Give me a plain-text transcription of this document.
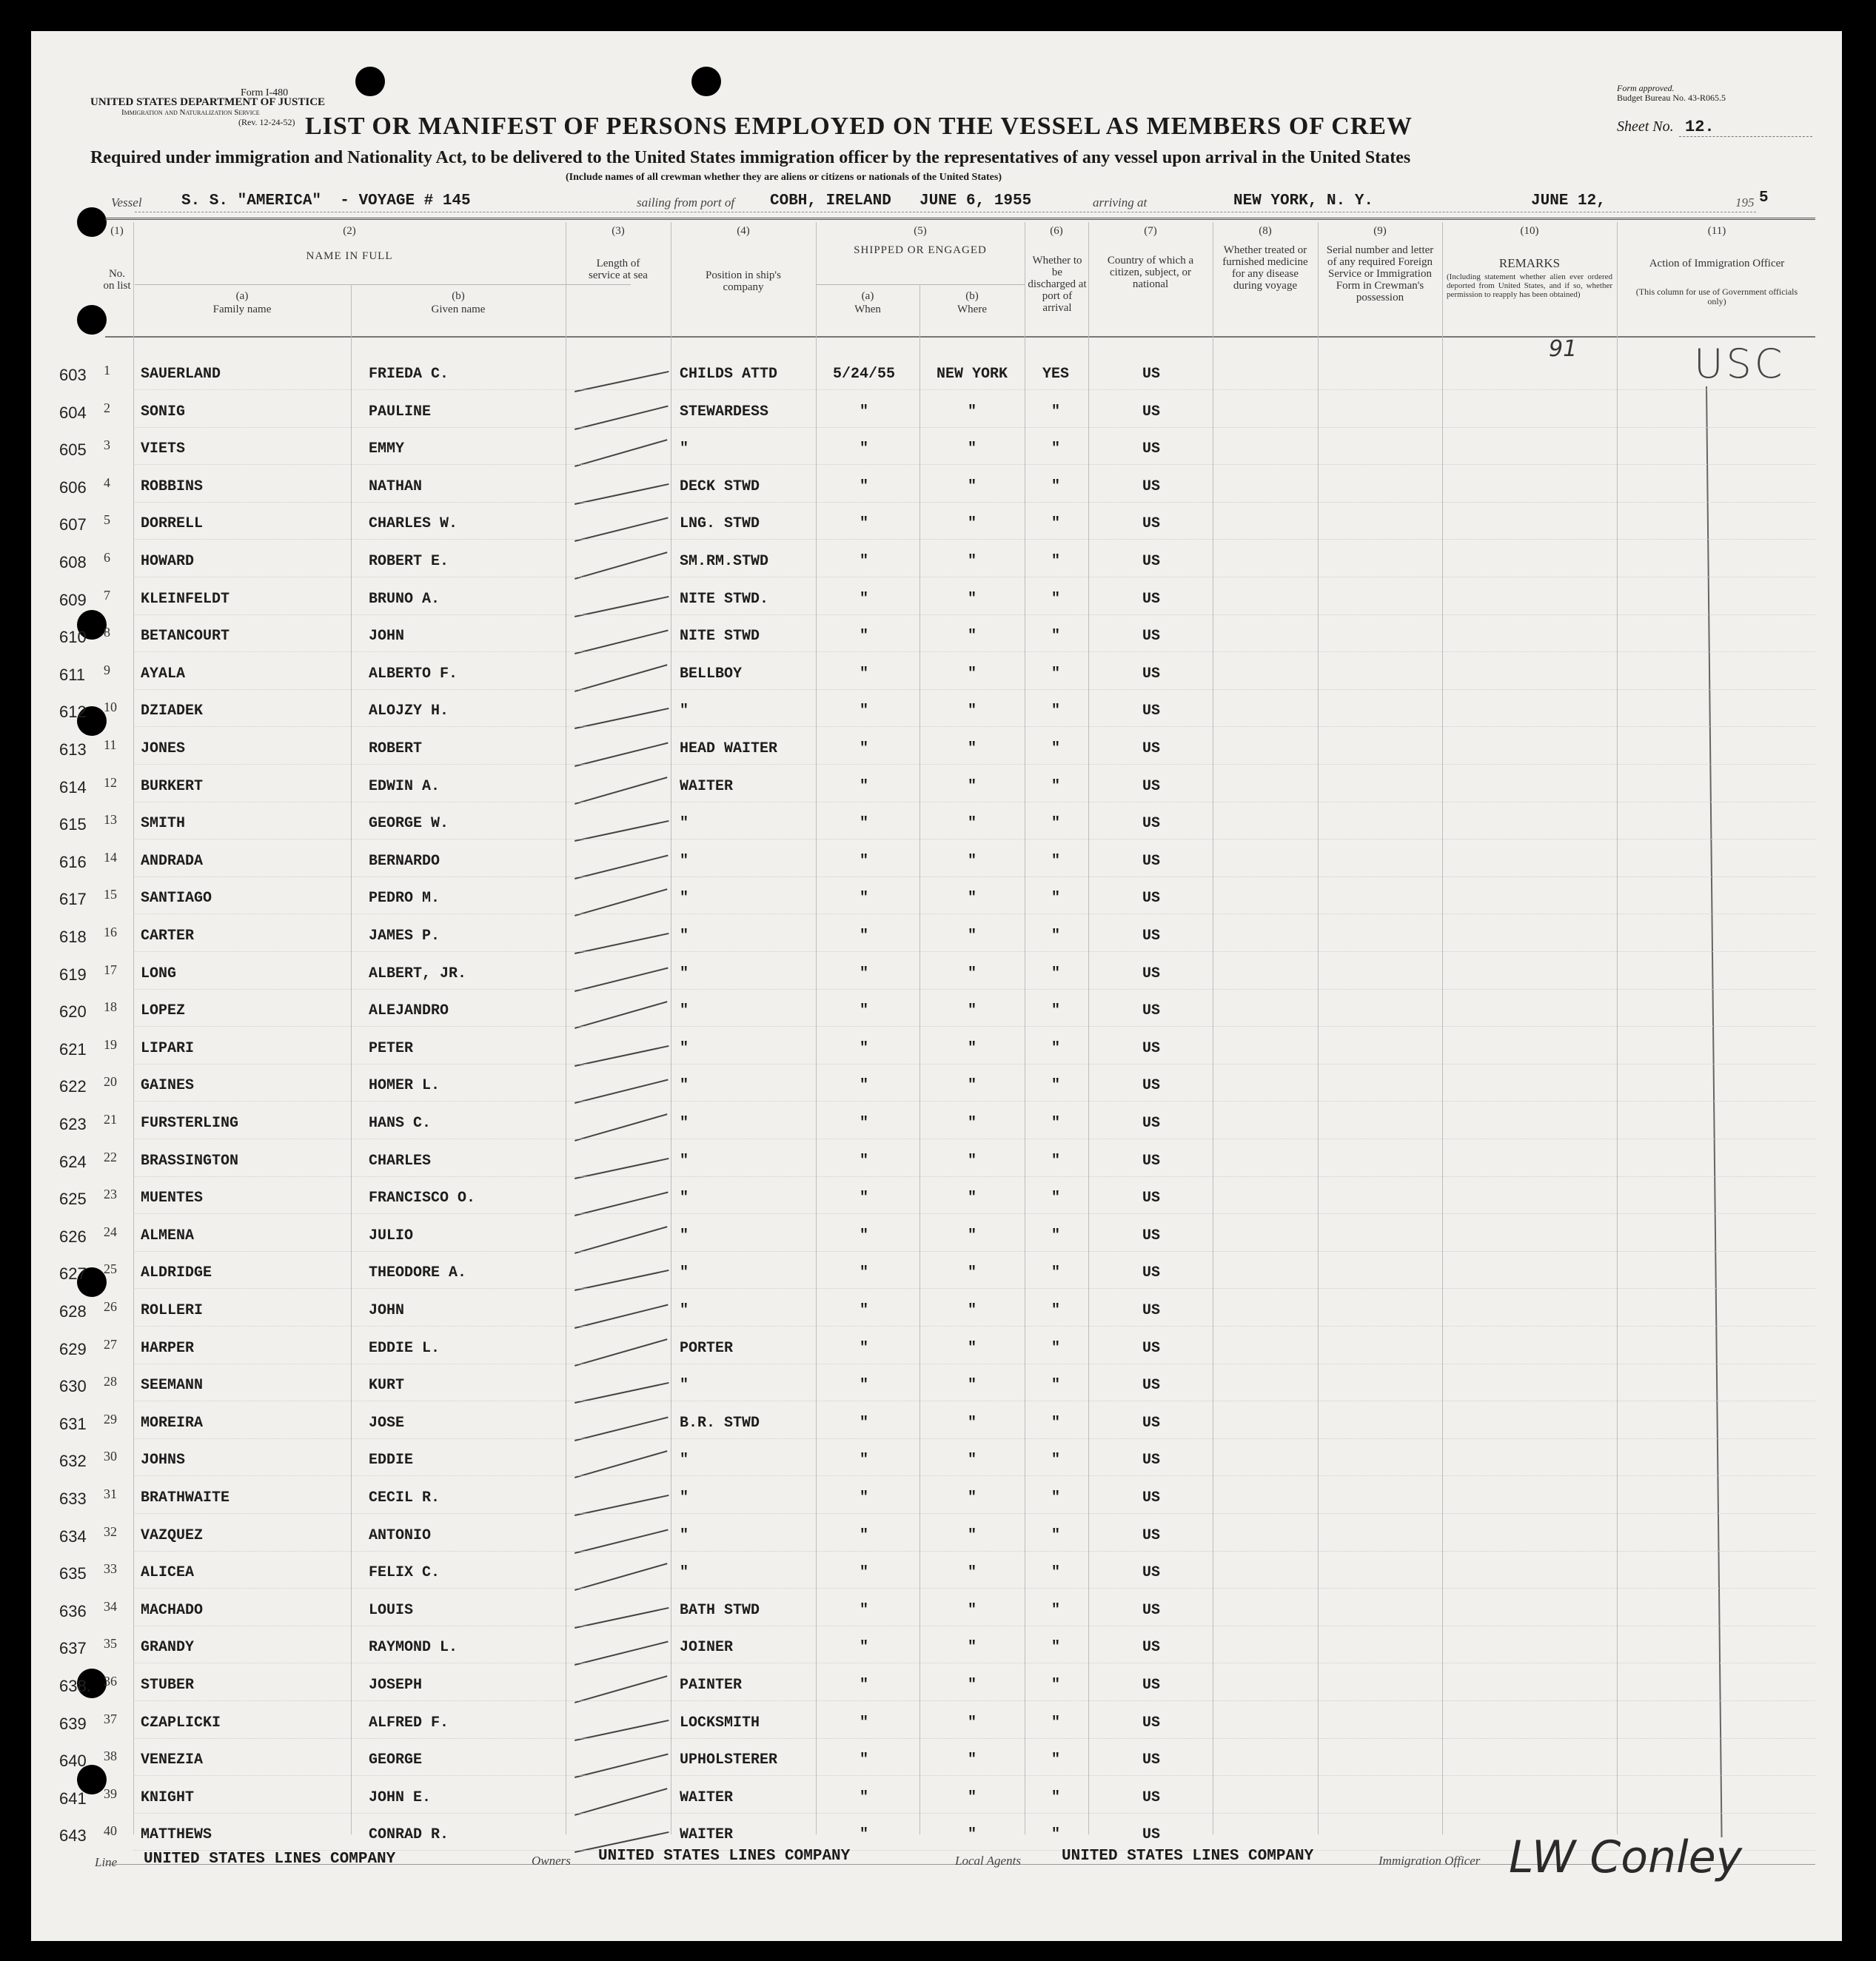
Form I-480
UNITED STATES DEPARTMENT OF JUSTICE
Immigration and Naturalization Service
(Rev. 12-24-52)
Form approved.
Budget Bureau No. 43-R065.5
Sheet No. 12.
LIST OR MANIFEST OF PERSONS EMPLOYED ON THE VESSEL AS MEMBERS OF CREW
Required under immigration and Nationality Act, to be delivered to the United States immigration officer by the representatives of any vessel upon arrival in the United States
(Include names of all crewman whether they are aliens or citizens or nationals of the United States)
Vessel	S. S. "AMERICA"  - VOYAGE # 145	sailing from port of COBH, IRELAND JUNE 6, 1955	arriving at	NEW YORK, N. Y.	JUNE 12,	195 5
(1)
No. on list
(2)
NAME IN FULL
(a)
Family name
(b)
Given name
(3)
Length of service at sea
(4)
Position in ship's company
(5)
SHIPPED OR ENGAGED
(a)
When
(b)
Where
(6)
Whether to be discharged at port of arrival
(7)
Country of which a citizen, subject, or national
(8)
Whether treated or furnished medicine for any disease during voyage
(9)
Serial number and letter of any required Foreign Service or Immigration Form in Crewman's possession
(10)
REMARKS
(Including statement whether alien ever ordered deported from United States, and if so, whether permission to reapply has been obtained)
(11)
Action of Immigration Officer
(This column for use of Government officials only)
91	USC
603 1 SAUERLAND	FRIEDA C.	CHILDS ATTD	5/24/55	NEW YORK	YES	US
604 2 SONIG	PAULINE	STEWARDESS	"	"	"	US
605 3 VIETS	EMMY	"	"	"	"	US
606 4 ROBBINS	NATHAN	DECK STWD	"	"	"	US
607 5 DORRELL	CHARLES W.	LNG. STWD	"	"	"	US
608 6 HOWARD	ROBERT E.	SM.RM.STWD	"	"	"	US
609 7 KLEINFELDT	BRUNO A.	NITE STWD.	"	"	"	US
610 8 BETANCOURT	JOHN	NITE STWD	"	"	"	US
611 9 AYALA	ALBERTO F.	BELLBOY	"	"	"	US
612 10 DZIADEK	ALOJZY H.	"	"	"	"	US
613 11 JONES	ROBERT	HEAD WAITER	"	"	"	US
614 12 BURKERT	EDWIN A.	WAITER	"	"	"	US
615 13 SMITH	GEORGE W.	"	"	"	"	US
616 14 ANDRADA	BERNARDO	"	"	"	"	US
617 15 SANTIAGO	PEDRO M.	"	"	"	"	US
618 16 CARTER	JAMES P.	"	"	"	"	US
619 17 LONG	ALBERT, JR.	"	"	"	"	US
620 18 LOPEZ	ALEJANDRO	"	"	"	"	US
621 19 LIPARI	PETER	"	"	"	"	US
622 20 GAINES	HOMER L.	"	"	"	"	US
623 21 FURSTERLING	HANS C.	"	"	"	"	US
624 22 BRASSINGTON	CHARLES	"	"	"	"	US
625 23 MUENTES	FRANCISCO O.	"	"	"	"	US
626 24 ALMENA	JULIO	"	"	"	"	US
627 25 ALDRIDGE	THEODORE A.	"	"	"	"	US
628 26 ROLLERI	JOHN	"	"	"	"	US
629 27 HARPER	EDDIE L.	PORTER	"	"	"	US
630 28 SEEMANN	KURT	"	"	"	"	US
631 29 MOREIRA	JOSE	B.R. STWD	"	"	"	US
632 30 JOHNS	EDDIE	"	"	"	"	US
633 31 BRATHWAITE	CECIL R.	"	"	"	"	US
634 32 VAZQUEZ	ANTONIO	"	"	"	"	US
635 33 ALICEA	FELIX C.	"	"	"	"	US
636 34 MACHADO	LOUIS	BATH STWD	"	"	"	US
637 35 GRANDY	RAYMOND L.	JOINER	"	"	"	US
638. 36 STUBER	JOSEPH	PAINTER	"	"	"	US
639 37 CZAPLICKI	ALFRED F.	LOCKSMITH	"	"	"	US
640 38 VENEZIA	GEORGE	UPHOLSTERER	"	"	"	US
641 39 KNIGHT	JOHN E.	WAITER	"	"	"	US
643 40 MATTHEWS	CONRAD R.	WAITER	"	"	"	US
Line UNITED STATES LINES COMPANY	Owners UNITED STATES LINES COMPANY	Local Agents	UNITED STATES LINES COMPANY	Immigration Officer LW Conley
